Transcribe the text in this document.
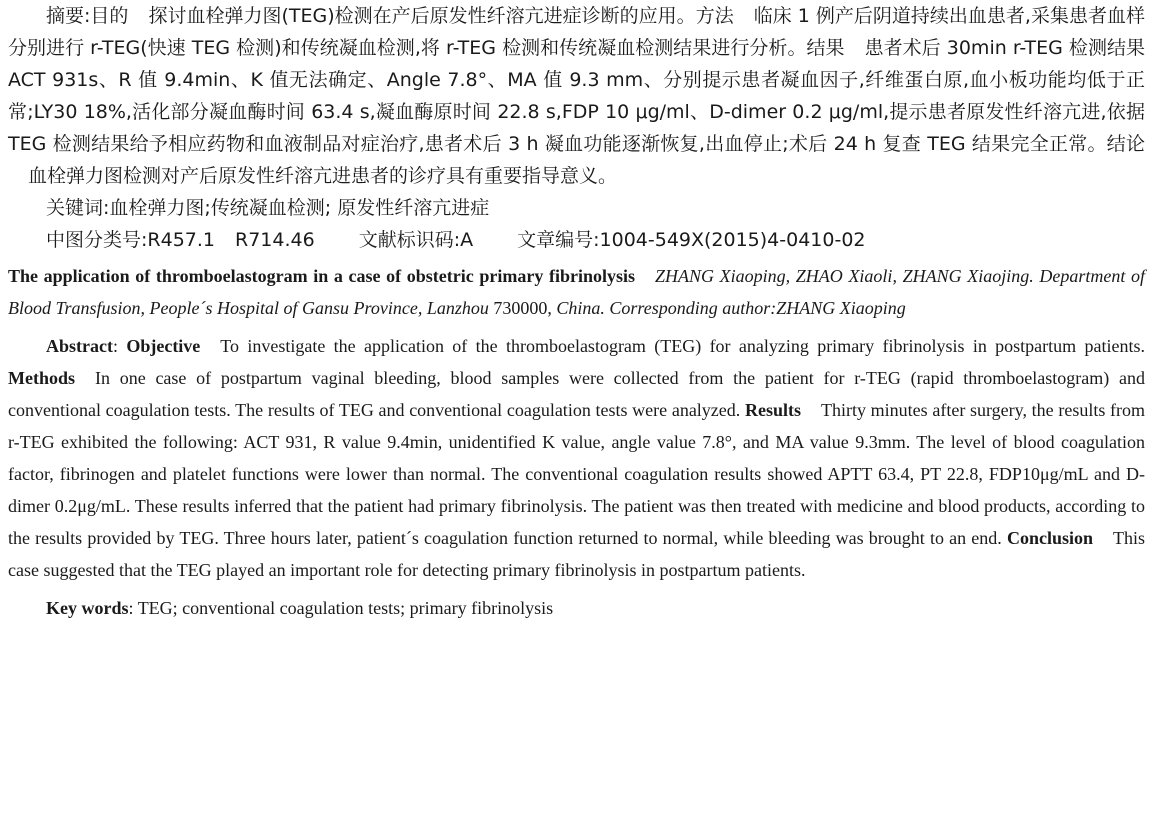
摘要:目的 探讨血栓弹力图(TEG)检测在产后原发性纤溶亢进症诊断的应用。方法 临床 1 例产后阴道持续出血患者,采集患者血样分别进行 r-TEG(快速 TEG 检测)和传统凝血检测,将 r-TEG 检测和传统凝血检测结果进行分析。结果 患者术后 30min r-TEG 检测结果 ACT 931s、R 值 9.4min、K 值无法确定、Angle 7.8°、MA 值 9.3 mm、分别提示患者凝血因子,纤维蛋白原,血小板功能均低于正常;LY30 18%,活化部分凝血酶时间 63.4 s,凝血酶原时间 22.8 s,FDP 10 μg/ml、D-dimer 0.2 μg/ml,提示患者原发性纤溶亢进,依据 TEG 检测结果给予相应药物和血液制品对症治疗,患者术后 3 h 凝血功能逐渐恢复,出血停止;术后 24 h 复查 TEG 结果完全正常。结论血栓弹力图检测对产后原发性纤溶亢进患者的诊疗具有重要指导意义。

关键词:血栓弹力图;传统凝血检测; 原发性纤溶亢进症

中图分类号:R457.1 R714.46 文献标识码:A 文章编号:1004-549X(2015)4-0410-02

The application of thromboelastogram in a case of obstetric primary fibrinolysis ZHANG Xiaoping, ZHAO Xiaoli, ZHANG Xiaojing. Department of Blood Transfusion, People´s Hospital of Gansu Province, Lanzhou 730000, China. Corresponding author:ZHANG Xiaoping

Abstract: Objective To investigate the application of the thromboelastogram (TEG) for analyzing primary fibrinolysis in postpartum patients. Methods In one case of postpartum vaginal bleeding, blood samples were collected from the patient for r-TEG (rapid thromboelastogram) and conventional coagulation tests. The results of TEG and conventional coagulation tests were analyzed. Results Thirty minutes after surgery, the results from r-TEG exhibited the following: ACT 931, R value 9.4min, unidentified K value, angle value 7.8°, and MA value 9.3mm. The level of blood coagulation factor, fibrinogen and platelet functions were lower than normal. The conventional coagulation results showed APTT 63.4, PT 22.8, FDP10μg/mL and D-dimer 0.2μg/mL. These results inferred that the patient had primary fibrinolysis. The patient was then treated with medicine and blood products, according to the results provided by TEG. Three hours later, patient´s coagulation function returned to normal, while bleeding was brought to an end. Conclusion This case suggested that the TEG played an important role for detecting primary fibrinolysis in postpartum patients.

Key words: TEG; conventional coagulation tests; primary fibrinolysis
